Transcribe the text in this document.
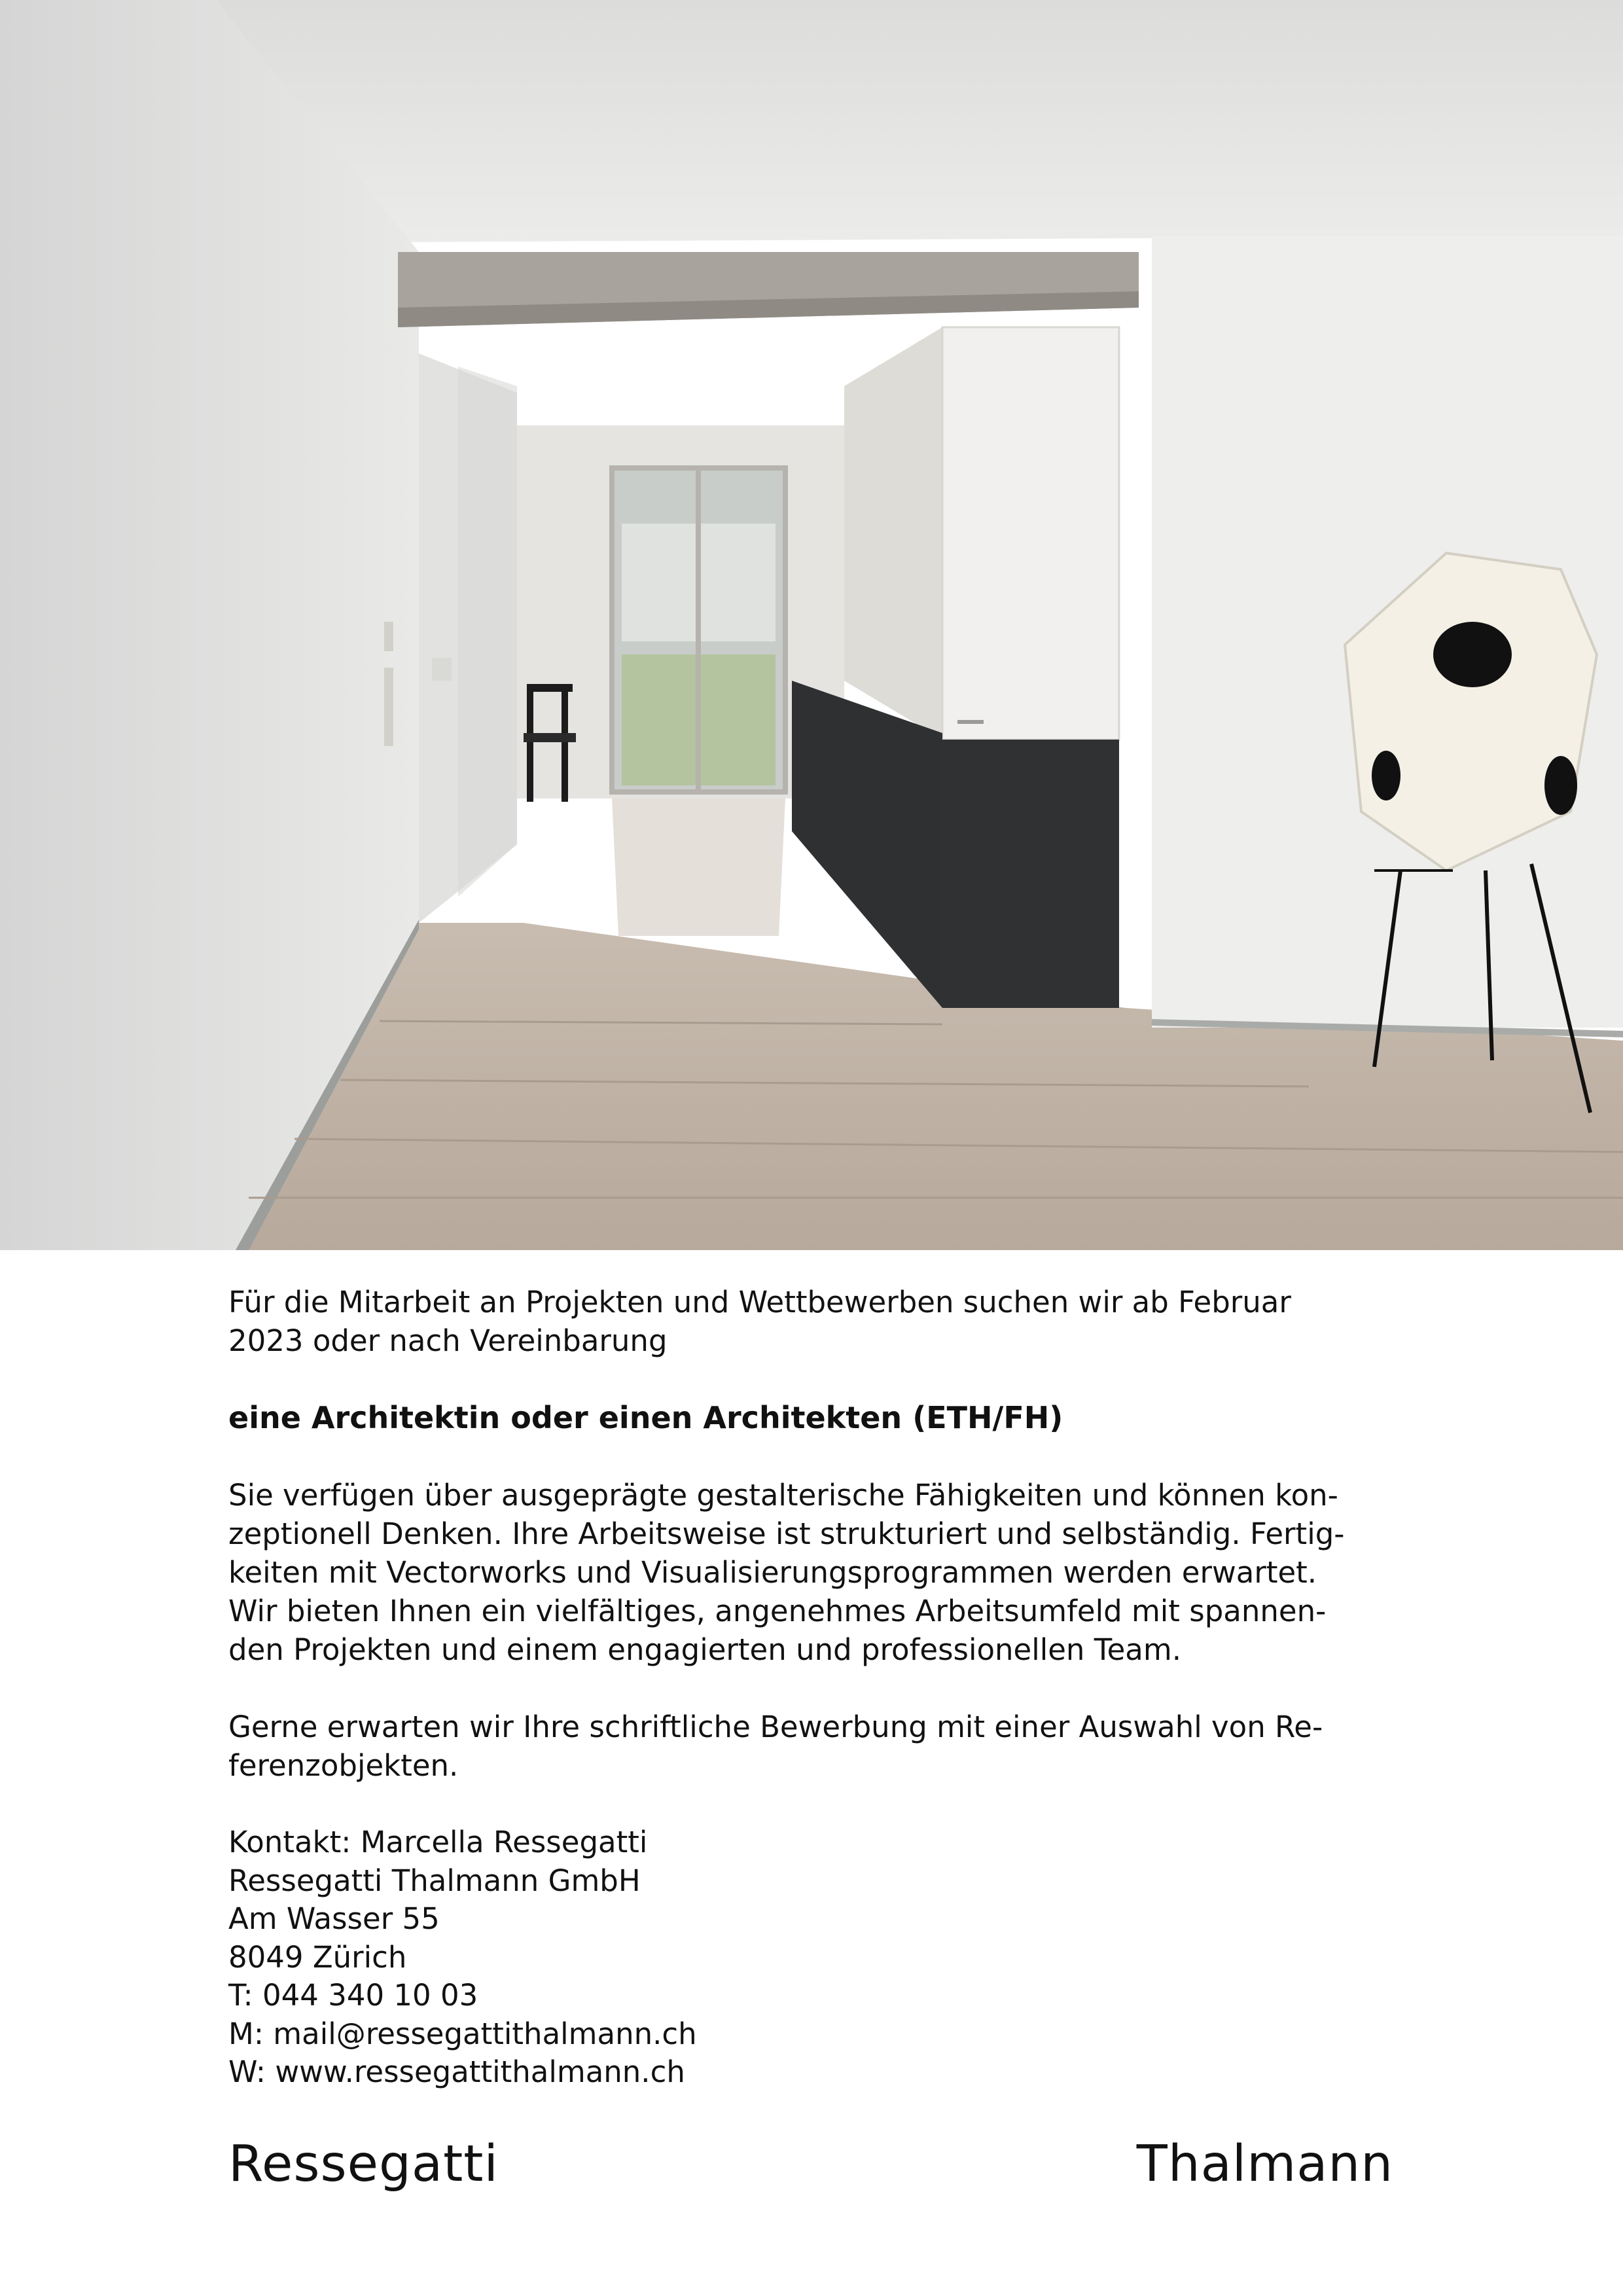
Für die Mitarbeit an Projekten und Wettbewerben suchen wir ab Februar

2023 oder nach Vereinbarung

eine Architektin oder einen Architekten (ETH/FH)

Sie verfügen über ausgeprägte gestalterische Fähigkeiten und können kon-

zeptionell Denken. Ihre Arbeitsweise ist strukturiert und selbständig. Fertig-

keiten mit Vectorworks und Visualisierungsprogrammen werden erwartet.

Wir bieten Ihnen ein vielfältiges, angenehmes Arbeitsumfeld mit spannen-

den Projekten und einem engagierten und professionellen Team.

Gerne erwarten wir Ihre schriftliche Bewerbung mit einer Auswahl von Re-

ferenzobjekten.

Kontakt: Marcella Ressegatti

Ressegatti Thalmann GmbH

Am Wasser 55

8049 Zürich

T: 044 340 10 03

M: mail@ressegattithalmann.ch

W: www.ressegattithalmann.ch

Ressegatti	Thalmann
